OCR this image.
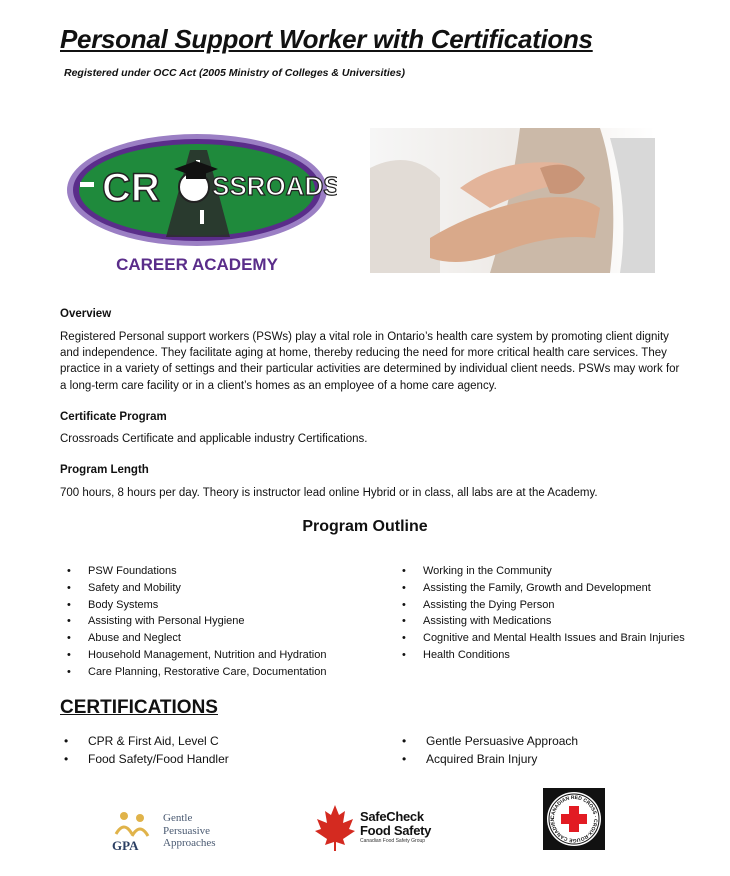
Personal Support Worker with Certifications
Registered under OCC Act (2005 Ministry of Colleges & Universities)
CR SSROADS
CROSSROADS
CAREER ACADEMY
Overview
Registered Personal support workers (PSWs) play a vital role in Ontario’s health care system by promoting client dignity and independence. They facilitate aging at home, thereby reducing the need for more critical health care services. They practice in a variety of settings and their particular activities are determined by individual client needs. PSWs may work for a long-term care facility or in a client’s homes as an employee of a home care agency.
Certificate Program
Crossroads Certificate and applicable industry Certifications.
Program Length
700 hours, 8 hours per day. Theory is instructor lead online Hybrid or in class, all labs are at the Academy.
Program Outline
• PSW Foundations
• Safety and Mobility
• Body Systems
• Assisting with Personal Hygiene
• Abuse and Neglect
• Household Management, Nutrition and Hydration
• Care Planning, Restorative Care, Documentation
• Working in the Community
• Assisting the Family, Growth and Development
• Assisting the Dying Person
• Assisting with Medications
• Cognitive and Mental Health Issues and Brain Injuries
• Health Conditions
CERTIFICATIONS
• CPR & First Aid, Level C
• Food Safety/Food Handler
• Gentle Persuasive Approach
• Acquired Brain Injury
GPA
Gentle
Persuasive
Approaches
SafeCheck
Food Safety
Canadian Food Safety Group
CANADIAN RED CROSS · CROIX-ROUGE CANADIEN
